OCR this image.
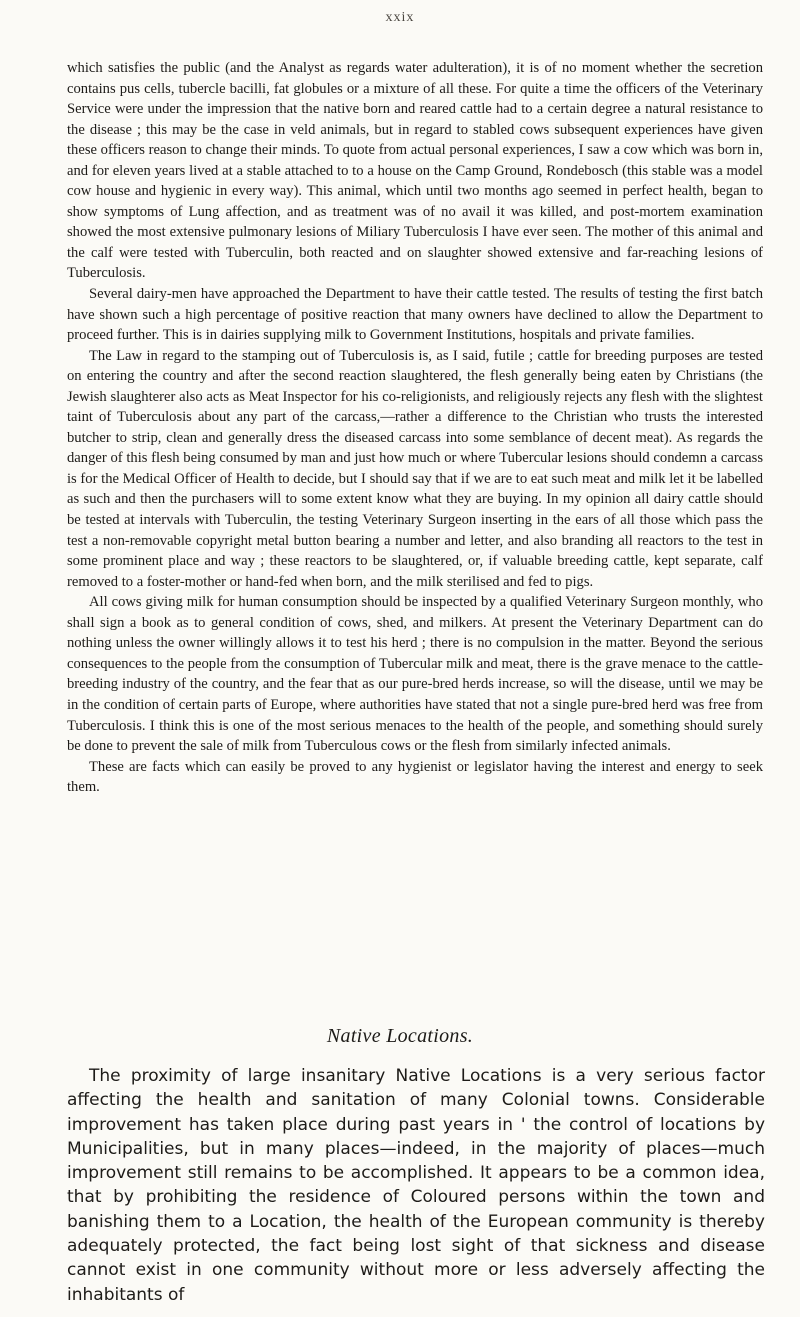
xxix

which satisfies the public (and the Analyst as regards water adulteration), it is of no moment whether the secretion contains pus cells, tubercle bacilli, fat globules or a mixture of all these. For quite a time the officers of the Veterinary Service were under the impression that the native born and reared cattle had to a certain degree a natural resistance to the disease ; this may be the case in veld animals, but in regard to stabled cows subsequent experiences have given these officers reason to change their minds. To quote from actual personal experiences, I saw a cow which was born in, and for eleven years lived at a stable attached to to a house on the Camp Ground, Rondebosch (this stable was a model cow house and hygienic in every way). This animal, which until two months ago seemed in perfect health, began to show symptoms of Lung affection, and as treatment was of no avail it was killed, and post-mortem examination showed the most extensive pulmonary lesions of Miliary Tuberculosis I have ever seen. The mother of this animal and the calf were tested with Tuberculin, both reacted and on slaughter showed extensive and far-reaching lesions of Tuberculosis.

Several dairy-men have approached the Department to have their cattle tested. The results of testing the first batch have shown such a high percentage of positive reaction that many owners have declined to allow the Department to proceed further. This is in dairies supplying milk to Government Institutions, hospitals and private families.

The Law in regard to the stamping out of Tuberculosis is, as I said, futile ; cattle for breeding purposes are tested on entering the country and after the second reaction slaughtered, the flesh generally being eaten by Christians (the Jewish slaughterer also acts as Meat Inspector for his co-religionists, and religiously rejects any flesh with the slightest taint of Tuberculosis about any part of the carcass,—rather a difference to the Christian who trusts the interested butcher to strip, clean and generally dress the diseased carcass into some semblance of decent meat). As regards the danger of this flesh being consumed by man and just how much or where Tubercular lesions should condemn a carcass is for the Medical Officer of Health to decide, but I should say that if we are to eat such meat and milk let it be labelled as such and then the purchasers will to some extent know what they are buying. In my opinion all dairy cattle should be tested at intervals with Tuberculin, the testing Veterinary Surgeon inserting in the ears of all those which pass the test a non-removable copyright metal button bearing a number and letter, and also branding all reactors to the test in some prominent place and way ; these reactors to be slaughtered, or, if valuable breeding cattle, kept separate, calf removed to a foster-mother or hand-fed when born, and the milk sterilised and fed to pigs.

All cows giving milk for human consumption should be inspected by a qualified Veterinary Surgeon monthly, who shall sign a book as to general condition of cows, shed, and milkers. At present the Veterinary Department can do nothing unless the owner willingly allows it to test his herd ; there is no compulsion in the matter. Beyond the serious consequences to the people from the consumption of Tubercular milk and meat, there is the grave menace to the cattle-breeding industry of the country, and the fear that as our pure-bred herds increase, so will the disease, until we may be in the condition of certain parts of Europe, where authorities have stated that not a single pure-bred herd was free from Tuberculosis. I think this is one of the most serious menaces to the health of the people, and something should surely be done to prevent the sale of milk from Tuberculous cows or the flesh from similarly infected animals.

These are facts which can easily be proved to any hygienist or legislator having the interest and energy to seek them.

Native Locations.

The proximity of large insanitary Native Locations is a very serious factor affecting the health and sanitation of many Colonial towns. Considerable improvement has taken place during past years in ' the control of locations by Municipalities, but in many places—indeed, in the majority of places—much improvement still remains to be accomplished. It appears to be a common idea, that by prohibiting the residence of Coloured persons within the town and banishing them to a Location, the health of the European community is thereby adequately protected, the fact being lost sight of that sickness and disease cannot exist in one community without more or less adversely affecting the inhabitants of
